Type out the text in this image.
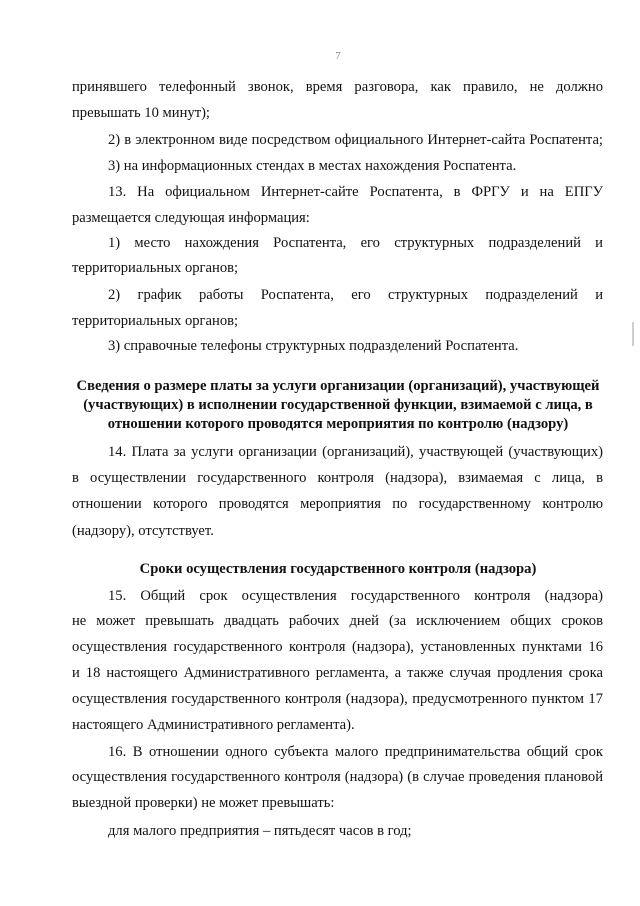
7
принявшего телефонный звонок, время разговора, как правило, не должно
превышать 10 минут);
2) в электронном виде посредством официального Интернет-сайта Роспатента;
3) на информационных стендах в местах нахождения Роспатента.
13. На официальном Интернет-сайте Роспатента, в ФРГУ и на ЕПГУ
размещается следующая информация:
1) место нахождения Роспатента, его структурных подразделений и
территориальных органов;
2) график работы Роспатента, его структурных подразделений и
территориальных органов;
3) справочные телефоны структурных подразделений Роспатента.
Сведения о размере платы за услуги организации (организаций), участвующей
(участвующих) в исполнении государственной функции, взимаемой с лица, в
отношении которого проводятся мероприятия по контролю (надзору)
14. Плата за услуги организации (организаций), участвующей (участвующих)
в осуществлении государственного контроля (надзора), взимаемая с лица, в
отношении которого проводятся мероприятия по государственному контролю
(надзору), отсутствует.
Сроки осуществления государственного контроля (надзора)
15. Общий срок осуществления государственного контроля (надзора)
не может превышать двадцать рабочих дней (за исключением общих сроков
осуществления государственного контроля (надзора), установленных пунктами 16
и 18 настоящего Административного регламента, а также случая продления срока
осуществления государственного контроля (надзора), предусмотренного пунктом 17
настоящего Административного регламента).
16. В отношении одного субъекта малого предпринимательства общий срок
осуществления государственного контроля (надзора) (в случае проведения плановой
выездной проверки) не может превышать:
для малого предприятия – пятьдесят часов в год;
